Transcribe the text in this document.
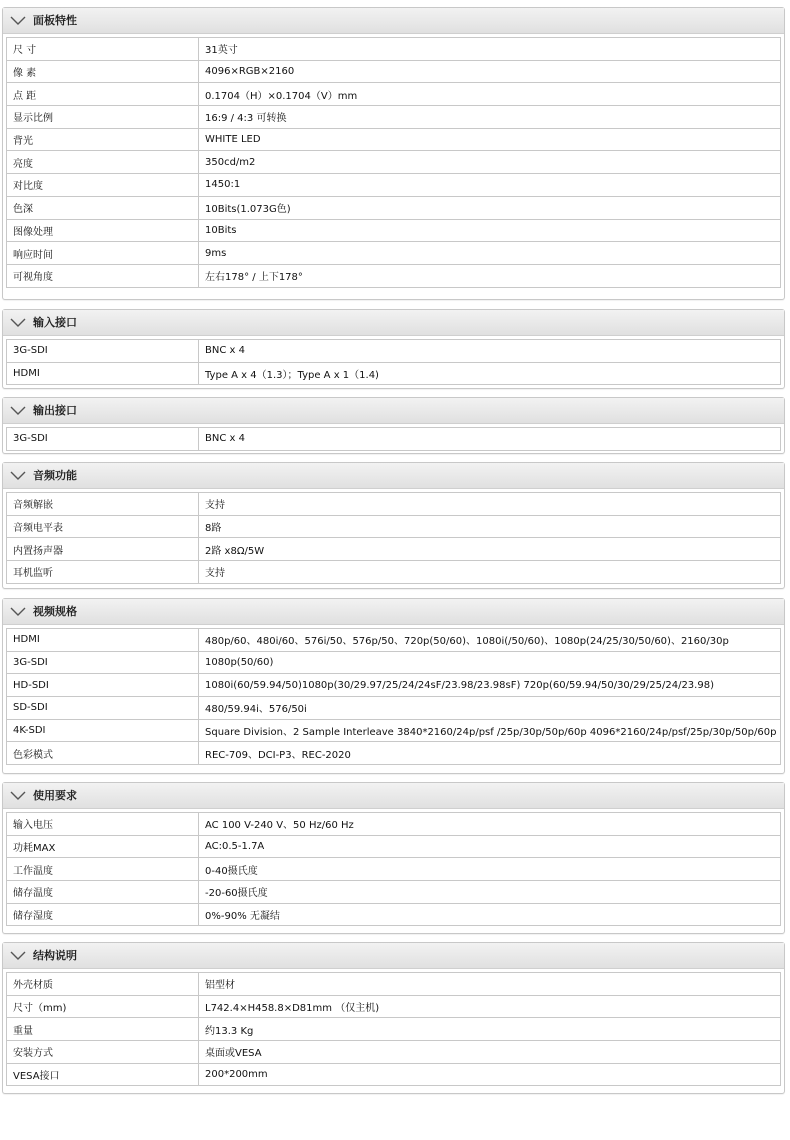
面板特性
尺 寸	31英寸
像 素	4096×RGB×2160
点 距	0.1704（H）×0.1704（V）mm
显示比例	16:9 / 4:3 可转换
背光	WHITE LED
亮度	350cd/m2
对比度	1450:1
色深	10Bits(1.073G色)
图像处理	10Bits
响应时间	9ms
可视角度	左右178° / 上下178°
输入接口
3G-SDI	BNC x 4
HDMI	Type A x 4（1.3）；Type A x 1（1.4)
输出接口
3G-SDI	BNC x 4
音频功能
音频解嵌	支持
音频电平表	8路
内置扬声器	2路 x8Ω/5W
耳机监听	支持
视频规格
HDMI	480p/60、480i/60、576i/50、576p/50、720p(50/60)、1080i(/50/60)、1080p(24/25/30/50/60)、2160/30p
3G-SDI	1080p(50/60)
HD-SDI	1080i(60/59.94/50)1080p(30/29.97/25/24/24sF/23.98/23.98sF) 720p(60/59.94/50/30/29/25/24/23.98)
SD-SDI	480/59.94i、576/50i
4K-SDI	Square Division、2 Sample Interleave 3840*2160/24p/psf /25p/30p/50p/60p 4096*2160/24p/psf/25p/30p/50p/60p
色彩模式	REC-709、DCI-P3、REC-2020
使用要求
输入电压	AC 100 V-240 V、50 Hz/60 Hz
功耗MAX	AC:0.5-1.7A
工作温度	0-40摄氏度
储存温度	-20-60摄氏度
储存湿度	0%-90% 无凝结
结构说明
外壳材质	铝型材
尺寸（mm)	L742.4×H458.8×D81mm （仅主机)
重量	约13.3 Kg
安装方式	桌面或VESA
VESA接口	200*200mm
